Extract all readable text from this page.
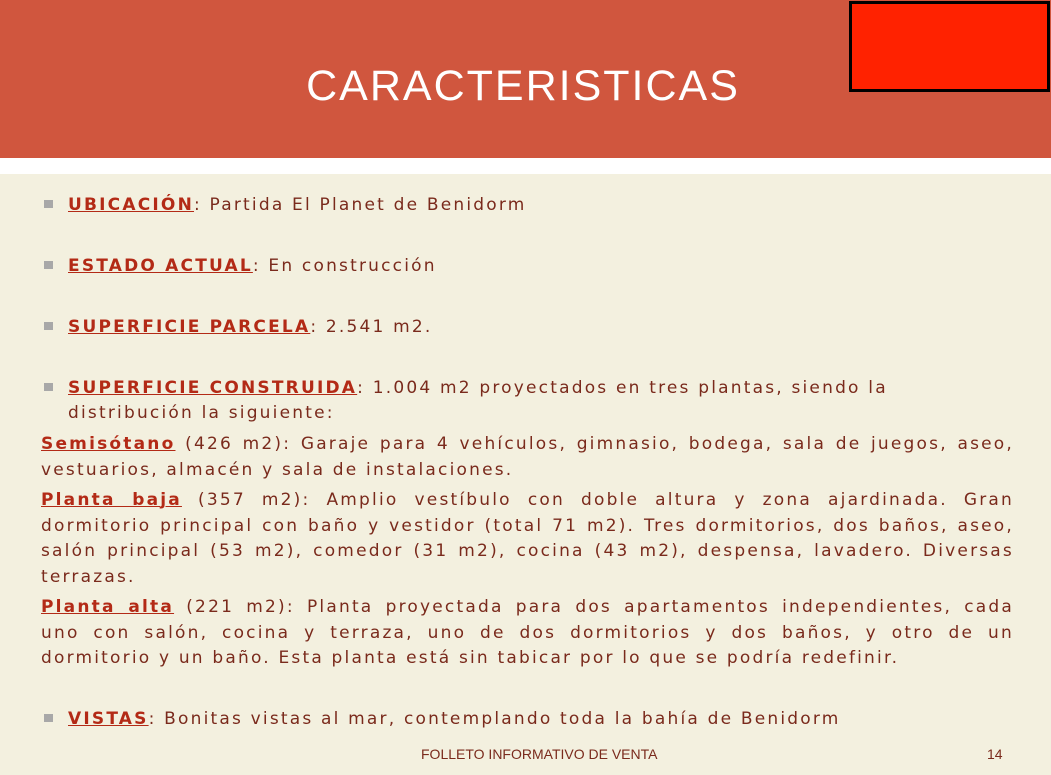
CARACTERISTICAS
UBICACIÓN: Partida El Planet de Benidorm
ESTADO ACTUAL: En construcción
SUPERFICIE PARCELA: 2.541 m2.
SUPERFICIE CONSTRUIDA: 1.004 m2 proyectados en tres plantas, siendo la distribución la siguiente:
Semisótano (426 m2): Garaje para 4 vehículos, gimnasio, bodega, sala de juegos, aseo, vestuarios, almacén y sala de instalaciones.
Planta baja (357 m2): Amplio vestíbulo con doble altura y zona ajardinada. Gran dormitorio principal con baño y vestidor (total 71 m2). Tres dormitorios, dos baños, aseo, salón principal (53 m2), comedor (31 m2), cocina (43 m2), despensa, lavadero. Diversas terrazas.
Planta alta (221 m2): Planta proyectada para dos apartamentos independientes, cada uno con salón, cocina y terraza, uno de dos dormitorios y dos baños, y otro de un dormitorio y un baño. Esta planta está sin tabicar por lo que se podría redefinir.
VISTAS: Bonitas vistas al mar, contemplando toda la bahía de Benidorm
FOLLETO INFORMATIVO DE VENTA	14
